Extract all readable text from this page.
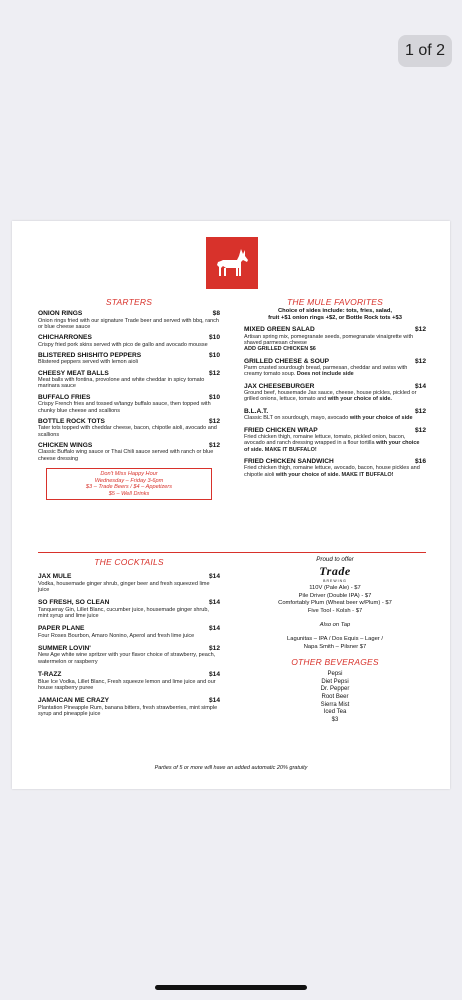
1 of 2
STARTERS
ONION RINGS	$8
Onion rings fried with our signature Trade beer and served with bbq, ranch or blue cheese sauce
CHICHARRONES	$10
Crispy fried pork skins served with pico de gallo and avocado mousse
BLISTERED SHISHITO PEPPERS	$10
Blistered peppers served with lemon aioli
CHEESY MEAT BALLS	$12
Meat balls with fontina, provolone and white cheddar in spicy tomato marinara sauce
BUFFALO FRIES	$10
Crispy French fries and tossed w/tangy buffalo sauce, then topped with chunky blue cheese and scallions
BOTTLE ROCK TOTS	$12
Tater tots topped with cheddar cheese, bacon, chipotle aioli, avocado and scallions
CHICKEN WINGS	$12
Classic Buffalo wing sauce or Thai Chili sauce served with ranch or blue cheese dressing
Don't Miss Happy Hour
Wednesday – Friday 3-6pm
$3 – Trade Beers / $4 – Appetizers
$5 – Well Drinks
THE MULE FAVORITES
Choice of sides include: tots, fries, salad,
fruit +$1 onion rings +$2, or Bottle Rock tots +$3
MIXED GREEN SALAD	$12
Artisan spring mix, pomegranate seeds, pomegranate vinaigrette with shaved parmesan cheese
ADD GRILLED CHICKEN $6
GRILLED CHEESE & SOUP	$12
Parm crusted sourdough bread, parmesan, cheddar and swiss with creamy tomato soup. Does not include side
JAX CHEESEBURGER	$14
Ground beef, housemade Jax sauce, cheese, house pickles, pickled or grilled onions, lettuce, tomato and with your choice of side.
B.L.A.T.	$12
Classic BLT on sourdough, mayo, avocado with your choice of side
FRIED CHICKEN WRAP	$12
Fried chicken thigh, romaine lettuce, tomato, pickled onion, bacon, avocado and ranch dressing wrapped in a flour tortilla with your choice of side. MAKE IT BUFFALO!
FRIED CHICKEN SANDWICH	$16
Fried chicken thigh, romaine lettuce, avocado, bacon, house pickles and chipotle aioli with your choice of side. MAKE IT BUFFALO!
THE COCKTAILS
JAX MULE	$14
Vodka, housemade ginger shrub, ginger beer and fresh squeezed lime juice
SO FRESH, SO CLEAN	$14
Tanqueray Gin, Lillet Blanc, cucumber juice, housemade ginger shrub, mint syrup and lime juice
PAPER PLANE	$14
Four Roses Bourbon, Amaro Nonino, Aperol and fresh lime juice
SUMMER LOVIN'	$12
New Age white wine spritzer with your flavor choice of strawberry, peach, watermelon or raspberry
T-RAZZ	$14
Blue Ice Vodka, Lillet Blanc, Fresh squeeze lemon and lime juice and our house raspberry puree
JAMAICAN ME CRAZY	$14
Plantation Pineapple Rum, banana bitters, fresh strawberries, mint simple syrup and pineapple juice
Proud to offer
Trade
BREWING
110V (Pale Ale) - $7
Pile Driver (Double IPA) - $7
Comfortably Plum (Wheat beer w/Plum) - $7
Five Tool - Kolsh - $7
Also on Tap
Lagunitas – IPA / Dos Equis – Lager /
Napa Smith – Pilsner $7
OTHER BEVERAGES
Pepsi
Diet Pepsi
Dr. Pepper
Root Beer
Sierra Mist
Iced Tea
$3
Parties of 5 or more will have an added automatic 20% gratuity
